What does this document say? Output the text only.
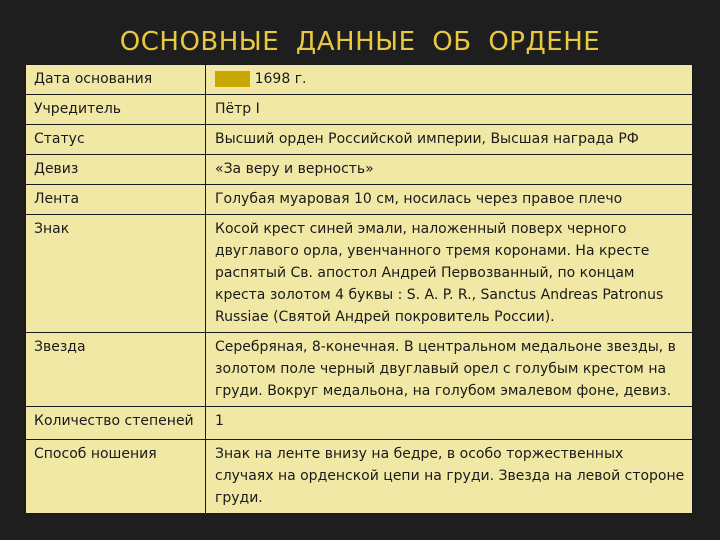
ОСНОВНЫЕ ДАННЫЕ ОБ ОРДЕНЕ
Дата основания	1698 г.
Учредитель	Пётр I
Статус	Высший орден Российской империи, Высшая награда РФ
Девиз	«За веру и верность»
Лента	Голубая муаровая 10 см, носилась через правое плечо
Знак	Косой крест синей эмали, наложенный поверх черного двуглавого орла, увенчанного тремя коронами. На кресте распятый Св. апостол Андрей Первозванный, по концам креста золотом 4 буквы : S. A. P. R., Sanctus Andreas Patronus Russiae (Святой Андрей покровитель России).
Звезда	Серебряная, 8-конечная. В центральном медальоне звезды, в золотом поле черный двуглавый орел с голубым крестом на груди. Вокруг медальона, на голубом эмалевом фоне, девиз.
Количество степеней	1
Способ ношения	Знак на ленте внизу на бедре, в особо торжественных случаях на орденской цепи на груди. Звезда на левой стороне груди.
